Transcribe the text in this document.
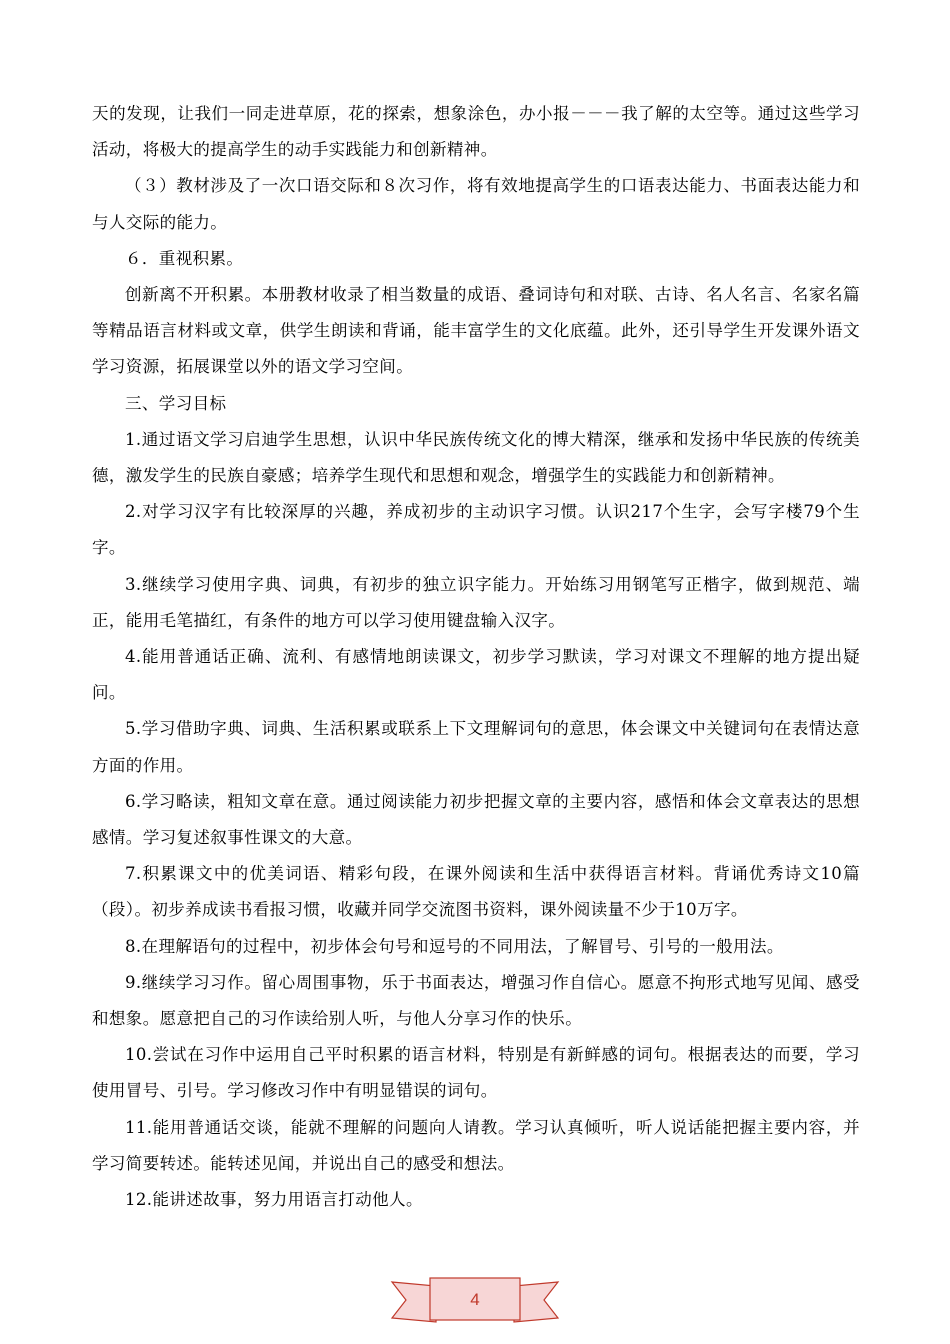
天的发现，让我们一同走进草原，花的探索，想象涂色，办小报－－－我了解的太空等。通过这些学习活动，将极大的提高学生的动手实践能力和创新精神。

（３）教材涉及了一次口语交际和８次习作，将有效地提高学生的口语表达能力、书面表达能力和与人交际的能力。

６．重视积累。

创新离不开积累。本册教材收录了相当数量的成语、叠词诗句和对联、古诗、名人名言、名家名篇等精品语言材料或文章，供学生朗读和背诵，能丰富学生的文化底蕴。此外，还引导学生开发课外语文学习资源，拓展课堂以外的语文学习空间。

三、学习目标

1.通过语文学习启迪学生思想，认识中华民族传统文化的博大精深，继承和发扬中华民族的传统美德，激发学生的民族自豪感；培养学生现代和思想和观念，增强学生的实践能力和创新精神。

2.对学习汉字有比较深厚的兴趣，养成初步的主动识字习惯。认识217个生字，会写字楼79个生字。

3.继续学习使用字典、词典，有初步的独立识字能力。开始练习用钢笔写正楷字，做到规范、端正，能用毛笔描红，有条件的地方可以学习使用键盘输入汉字。

4.能用普通话正确、流利、有感情地朗读课文，初步学习默读，学习对课文不理解的地方提出疑问。

5.学习借助字典、词典、生活积累或联系上下文理解词句的意思，体会课文中关键词句在表情达意方面的作用。

6.学习略读，粗知文章在意。通过阅读能力初步把握文章的主要内容，感悟和体会文章表达的思想感情。学习复述叙事性课文的大意。

7.积累课文中的优美词语、精彩句段，在课外阅读和生活中获得语言材料。背诵优秀诗文10篇（段）。初步养成读书看报习惯，收藏并同学交流图书资料，课外阅读量不少于10万字。

8.在理解语句的过程中，初步体会句号和逗号的不同用法，了解冒号、引号的一般用法。

9.继续学习习作。留心周围事物，乐于书面表达，增强习作自信心。愿意不拘形式地写见闻、感受和想象。愿意把自己的习作读给别人听，与他人分享习作的快乐。

10.尝试在习作中运用自己平时积累的语言材料，特别是有新鲜感的词句。根据表达的而要，学习使用冒号、引号。学习修改习作中有明显错误的词句。

11.能用普通话交谈，能就不理解的问题向人请教。学习认真倾听，听人说话能把握主要内容，并学习简要转述。能转述见闻，并说出自己的感受和想法。

12.能讲述故事，努力用语言打动他人。

4
